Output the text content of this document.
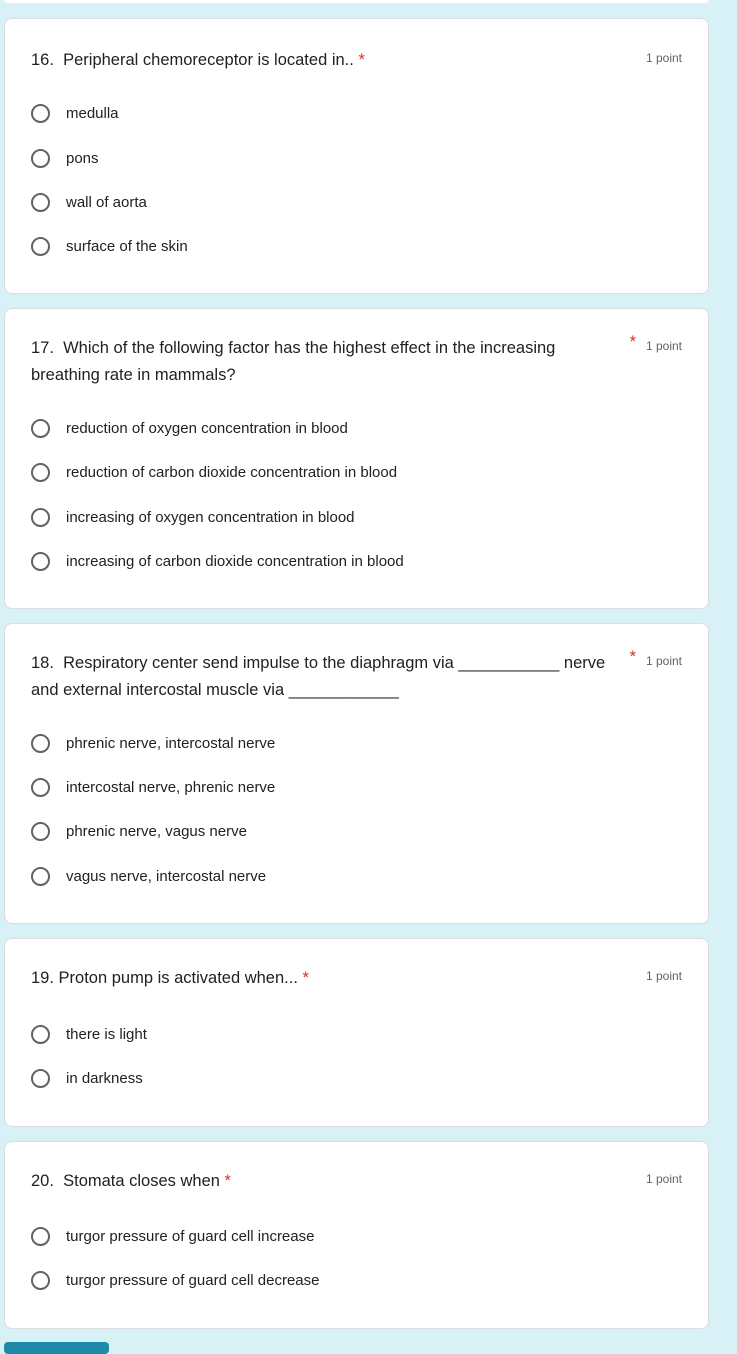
16. Peripheral chemoreceptor is located in.. *	1 point
medulla
pons
wall of aorta
surface of the skin
17. Which of the following factor has the highest effect in the increasing breathing rate in mammals?
* 1 point
reduction of oxygen concentration in blood
reduction of carbon dioxide concentration in blood
increasing of oxygen concentration in blood
increasing of carbon dioxide concentration in blood
18. Respiratory center send impulse to the diaphragm via ___________ nerve and external intercostal muscle via ____________
* 1 point
phrenic nerve, intercostal nerve
intercostal nerve, phrenic nerve
phrenic nerve, vagus nerve
vagus nerve, intercostal nerve
19. Proton pump is activated when... *	1 point
there is light
in darkness
20. Stomata closes when *	1 point
turgor pressure of guard cell increase
turgor pressure of guard cell decrease
